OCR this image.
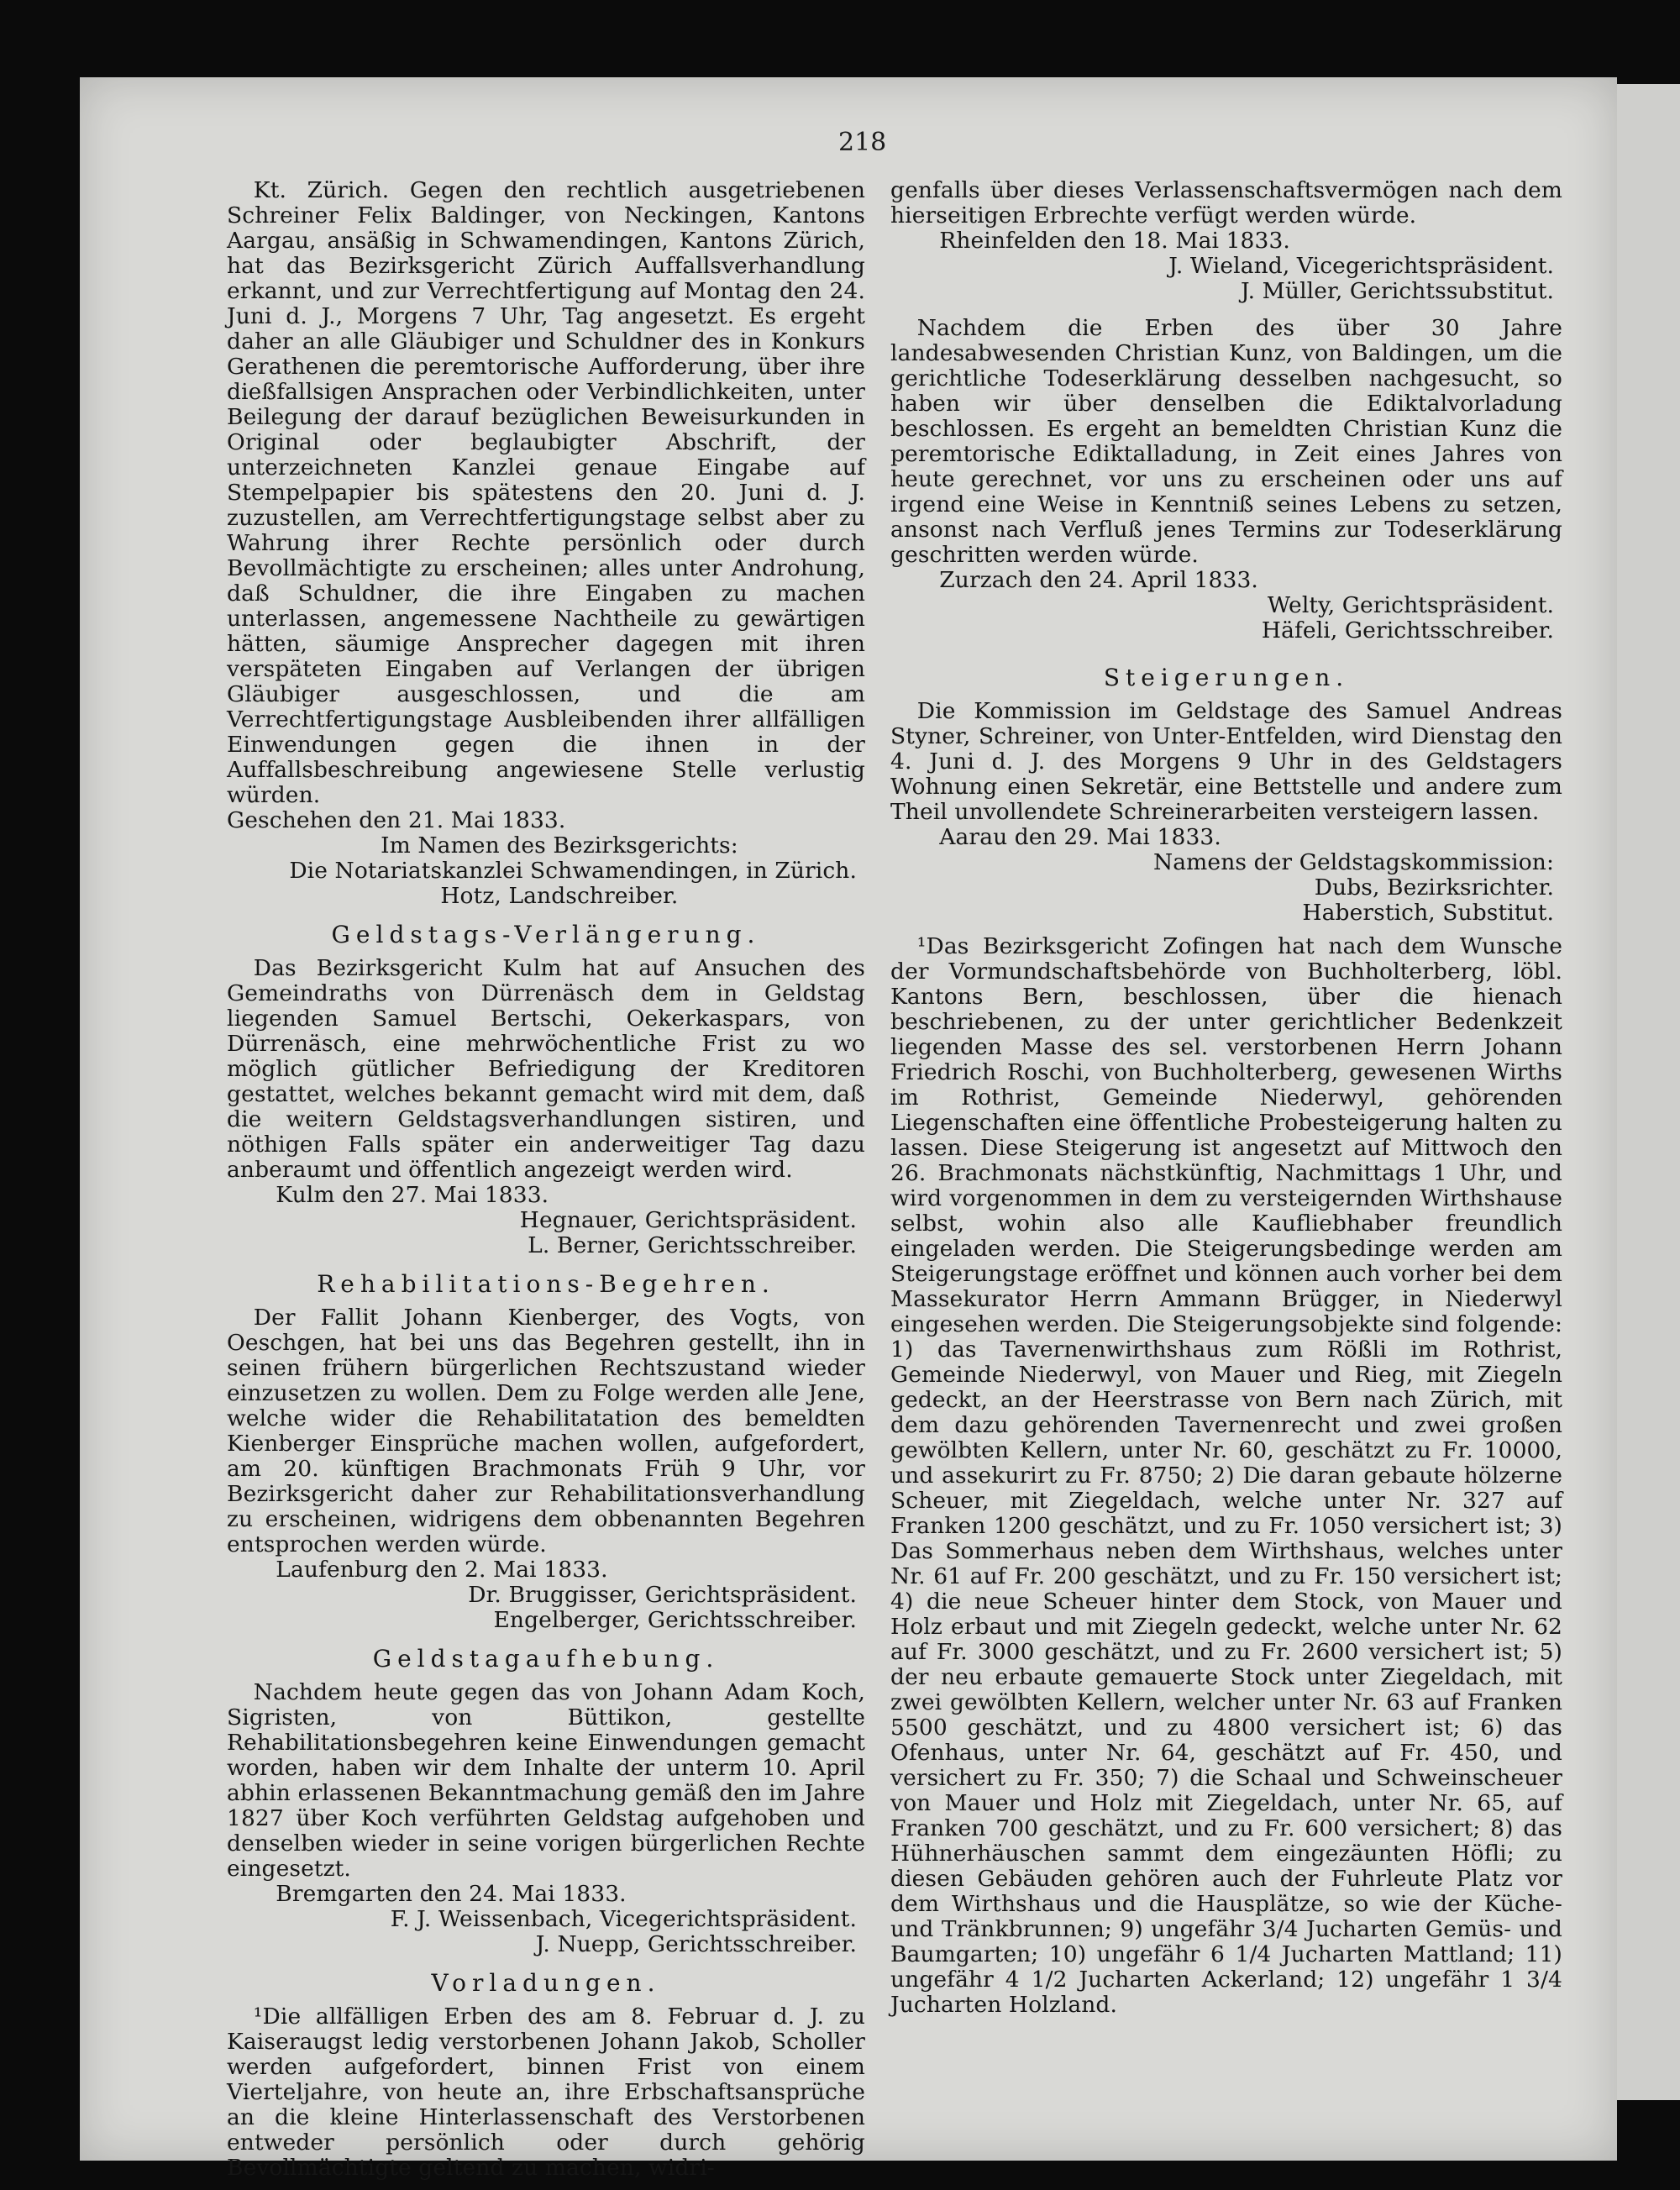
218

Kt. Zürich. Gegen den rechtlich ausgetriebenen Schreiner Felix Baldinger, von Neckingen, Kantons Aargau, ansäßig in Schwamendingen, Kantons Zürich, hat das Bezirksgericht Zürich Auffallsverhandlung erkannt, und zur Verrechtfertigung auf Montag den 24. Juni d. J., Morgens 7 Uhr, Tag angesetzt. Es ergeht daher an alle Gläubiger und Schuldner des in Konkurs Gerathenen die peremtorische Aufforderung, über ihre dießfallsigen Ansprachen oder Verbindlichkeiten, unter Beilegung der darauf bezüglichen Beweisurkunden in Original oder beglaubigter Abschrift, der unterzeichneten Kanzlei genaue Eingabe auf Stempelpapier bis spätestens den 20. Juni d. J. zuzustellen, am Verrechtfertigungstage selbst aber zu Wahrung ihrer Rechte persönlich oder durch Bevollmächtigte zu erscheinen; alles unter Androhung, daß Schuldner, die ihre Eingaben zu machen unterlassen, angemessene Nachtheile zu gewärtigen hätten, säumige Ansprecher dagegen mit ihren verspäteten Eingaben auf Verlangen der übrigen Gläubiger ausgeschlossen, und die am Verrechtfertigungstage Ausbleibenden ihrer allfälligen Einwendungen gegen die ihnen in der Auffallsbeschreibung angewiesene Stelle verlustig würden.

Geschehen den 21. Mai 1833.

Im Namen des Bezirksgerichts:

Die Notariatskanzlei Schwamendingen, in Zürich.

Hotz, Landschreiber.

Geldstags-Verlängerung.

Das Bezirksgericht Kulm hat auf Ansuchen des Gemeindraths von Dürrenäsch dem in Geldstag liegenden Samuel Bertschi, Oekerkaspars, von Dürrenäsch, eine mehrwöchentliche Frist zu wo möglich gütlicher Befriedigung der Kreditoren gestattet, welches bekannt gemacht wird mit dem, daß die weitern Geldstagsverhandlungen sistiren, und nöthigen Falls später ein anderweitiger Tag dazu anberaumt und öffentlich angezeigt werden wird.

Kulm den 27. Mai 1833.

Hegnauer, Gerichtspräsident.

L. Berner, Gerichtsschreiber.

Rehabilitations-Begehren.

Der Fallit Johann Kienberger, des Vogts, von Oeschgen, hat bei uns das Begehren gestellt, ihn in seinen frühern bürgerlichen Rechtszustand wieder einzusetzen zu wollen. Dem zu Folge werden alle Jene, welche wider die Rehabilitatation des bemeldten Kienberger Einsprüche machen wollen, aufgefordert, am 20. künftigen Brachmonats Früh 9 Uhr, vor Bezirksgericht daher zur Rehabilitationsverhandlung zu erscheinen, widrigens dem obbenannten Begehren entsprochen werden würde.

Laufenburg den 2. Mai 1833.

Dr. Bruggisser, Gerichtspräsident.

Engelberger, Gerichtsschreiber.

Geldstagaufhebung.

Nachdem heute gegen das von Johann Adam Koch, Sigristen, von Büttikon, gestellte Rehabilitationsbegehren keine Einwendungen gemacht worden, haben wir dem Inhalte der unterm 10. April abhin erlassenen Bekanntmachung gemäß den im Jahre 1827 über Koch verführten Geldstag aufgehoben und denselben wieder in seine vorigen bürgerlichen Rechte eingesetzt.

Bremgarten den 24. Mai 1833.

F. J. Weissenbach, Vicegerichtspräsident.

J. Nuepp, Gerichtsschreiber.

Vorladungen.

¹Die allfälligen Erben des am 8. Februar d. J. zu Kaiseraugst ledig verstorbenen Johann Jakob, Scholler werden aufgefordert, binnen Frist von einem Vierteljahre, von heute an, ihre Erbschaftsansprüche an die kleine Hinterlassenschaft des Verstorbenen entweder persönlich oder durch gehörig Bevollmächtigte geltend zu machen, widri-

genfalls über dieses Verlassenschaftsvermögen nach dem hierseitigen Erbrechte verfügt werden würde.

Rheinfelden den 18. Mai 1833.

J. Wieland, Vicegerichtspräsident.

J. Müller, Gerichtssubstitut.

Nachdem die Erben des über 30 Jahre landesabwesenden Christian Kunz, von Baldingen, um die gerichtliche Todeserklärung desselben nachgesucht, so haben wir über denselben die Ediktalvorladung beschlossen. Es ergeht an bemeldten Christian Kunz die peremtorische Ediktalladung, in Zeit eines Jahres von heute gerechnet, vor uns zu erscheinen oder uns auf irgend eine Weise in Kenntniß seines Lebens zu setzen, ansonst nach Verfluß jenes Termins zur Todeserklärung geschritten werden würde.

Zurzach den 24. April 1833.

Welty, Gerichtspräsident.

Häfeli, Gerichtsschreiber.

Steigerungen.

Die Kommission im Geldstage des Samuel Andreas Styner, Schreiner, von Unter-Entfelden, wird Dienstag den 4. Juni d. J. des Morgens 9 Uhr in des Geldstagers Wohnung einen Sekretär, eine Bettstelle und andere zum Theil unvollendete Schreinerarbeiten versteigern lassen.

Aarau den 29. Mai 1833.

Namens der Geldstagskommission:

Dubs, Bezirksrichter.

Haberstich, Substitut.

¹Das Bezirksgericht Zofingen hat nach dem Wunsche der Vormundschaftsbehörde von Buchholterberg, löbl. Kantons Bern, beschlossen, über die hienach beschriebenen, zu der unter gerichtlicher Bedenkzeit liegenden Masse des sel. verstorbenen Herrn Johann Friedrich Roschi, von Buchholterberg, gewesenen Wirths im Rothrist, Gemeinde Niederwyl, gehörenden Liegenschaften eine öffentliche Probesteigerung halten zu lassen. Diese Steigerung ist angesetzt auf Mittwoch den 26. Brachmonats nächstkünftig, Nachmittags 1 Uhr, und wird vorgenommen in dem zu versteigernden Wirthshause selbst, wohin also alle Kaufliebhaber freundlich eingeladen werden. Die Steigerungsbedinge werden am Steigerungstage eröffnet und können auch vorher bei dem Massekurator Herrn Ammann Brügger, in Niederwyl eingesehen werden. Die Steigerungsobjekte sind folgende: 1) das Tavernenwirthshaus zum Rößli im Rothrist, Gemeinde Niederwyl, von Mauer und Rieg, mit Ziegeln gedeckt, an der Heerstrasse von Bern nach Zürich, mit dem dazu gehörenden Tavernenrecht und zwei großen gewölbten Kellern, unter Nr. 60, geschätzt zu Fr. 10000, und assekurirt zu Fr. 8750; 2) Die daran gebaute hölzerne Scheuer, mit Ziegeldach, welche unter Nr. 327 auf Franken 1200 geschätzt, und zu Fr. 1050 versichert ist; 3) Das Sommerhaus neben dem Wirthshaus, welches unter Nr. 61 auf Fr. 200 geschätzt, und zu Fr. 150 versichert ist; 4) die neue Scheuer hinter dem Stock, von Mauer und Holz erbaut und mit Ziegeln gedeckt, welche unter Nr. 62 auf Fr. 3000 geschätzt, und zu Fr. 2600 versichert ist; 5) der neu erbaute gemauerte Stock unter Ziegeldach, mit zwei gewölbten Kellern, welcher unter Nr. 63 auf Franken 5500 geschätzt, und zu 4800 versichert ist; 6) das Ofenhaus, unter Nr. 64, geschätzt auf Fr. 450, und versichert zu Fr. 350; 7) die Schaal und Schweinscheuer von Mauer und Holz mit Ziegeldach, unter Nr. 65, auf Franken 700 geschätzt, und zu Fr. 600 versichert; 8) das Hühnerhäuschen sammt dem eingezäunten Höfli; zu diesen Gebäuden gehören auch der Fuhrleute Platz vor dem Wirthshaus und die Hausplätze, so wie der Küche- und Tränkbrunnen; 9) ungefähr 3/4 Jucharten Gemüs- und Baumgarten; 10) ungefähr 6 1/4 Jucharten Mattland; 11) ungefähr 4 1/2 Jucharten Ackerland; 12) ungefähr 1 3/4 Jucharten Holzland.
